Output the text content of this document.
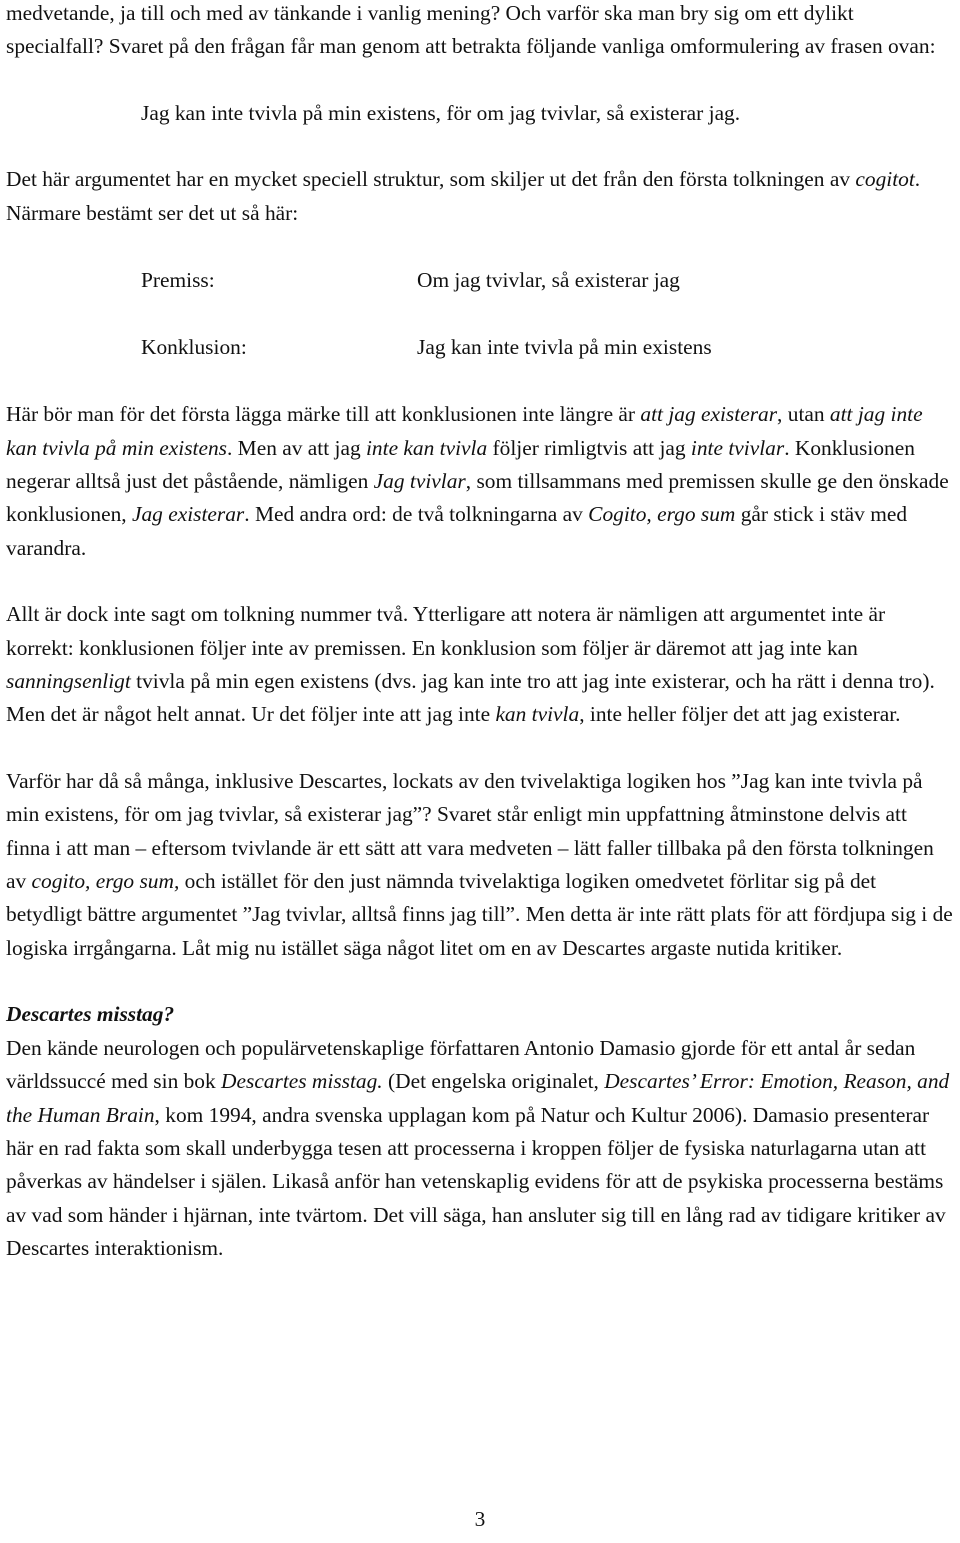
medvetande, ja till och med av tänkande i vanlig mening? Och varför ska man bry sig om ett dylikt specialfall? Svaret på den frågan får man genom att betrakta följande vanliga omformulering av frasen ovan:

Jag kan inte tvivla på min existens, för om jag tvivlar, så existerar jag.

Det här argumentet har en mycket speciell struktur, som skiljer ut det från den första tolkningen av cogitot. Närmare bestämt ser det ut så här:

Premiss:	Om jag tvivlar, så existerar jag
Konklusion:	Jag kan inte tvivla på min existens

Här bör man för det första lägga märke till att konklusionen inte längre är att jag existerar, utan att jag inte kan tvivla på min existens. Men av att jag inte kan tvivla följer rimligtvis att jag inte tvivlar. Konklusionen negerar alltså just det påstående, nämligen Jag tvivlar, som tillsammans med premissen skulle ge den önskade konklusionen, Jag existerar. Med andra ord: de två tolkningarna av Cogito, ergo sum går stick i stäv med varandra.

Allt är dock inte sagt om tolkning nummer två. Ytterligare att notera är nämligen att argumentet inte är korrekt: konklusionen följer inte av premissen. En konklusion som följer är däremot att jag inte kan sanningsenligt tvivla på min egen existens (dvs. jag kan inte tro att jag inte existerar, och ha rätt i denna tro). Men det är något helt annat. Ur det följer inte att jag inte kan tvivla, inte heller följer det att jag existerar.

Varför har då så många, inklusive Descartes, lockats av den tvivelaktiga logiken hos ”Jag kan inte tvivla på min existens, för om jag tvivlar, så existerar jag”? Svaret står enligt min uppfattning åtminstone delvis att finna i att man – eftersom tvivlande är ett sätt att vara medveten – lätt faller tillbaka på den första tolkningen av cogito, ergo sum, och istället för den just nämnda tvivelaktiga logiken omedvetet förlitar sig på det betydligt bättre argumentet ”Jag tvivlar, alltså finns jag till”. Men detta är inte rätt plats för att fördjupa sig i de logiska irrgångarna. Låt mig nu istället säga något litet om en av Descartes argaste nutida kritiker.

Descartes misstag?

Den kände neurologen och populärvetenskaplige författaren Antonio Damasio gjorde för ett antal år sedan världssuccé med sin bok Descartes misstag. (Det engelska originalet, Descartes’ Error: Emotion, Reason, and the Human Brain, kom 1994, andra svenska upplagan kom på Natur och Kultur 2006). Damasio presenterar här en rad fakta som skall underbygga tesen att processerna i kroppen följer de fysiska naturlagarna utan att påverkas av händelser i själen. Likaså anför han vetenskaplig evidens för att de psykiska processerna bestäms av vad som händer i hjärnan, inte tvärtom. Det vill säga, han ansluter sig till en lång rad av tidigare kritiker av Descartes interaktionism.

3
